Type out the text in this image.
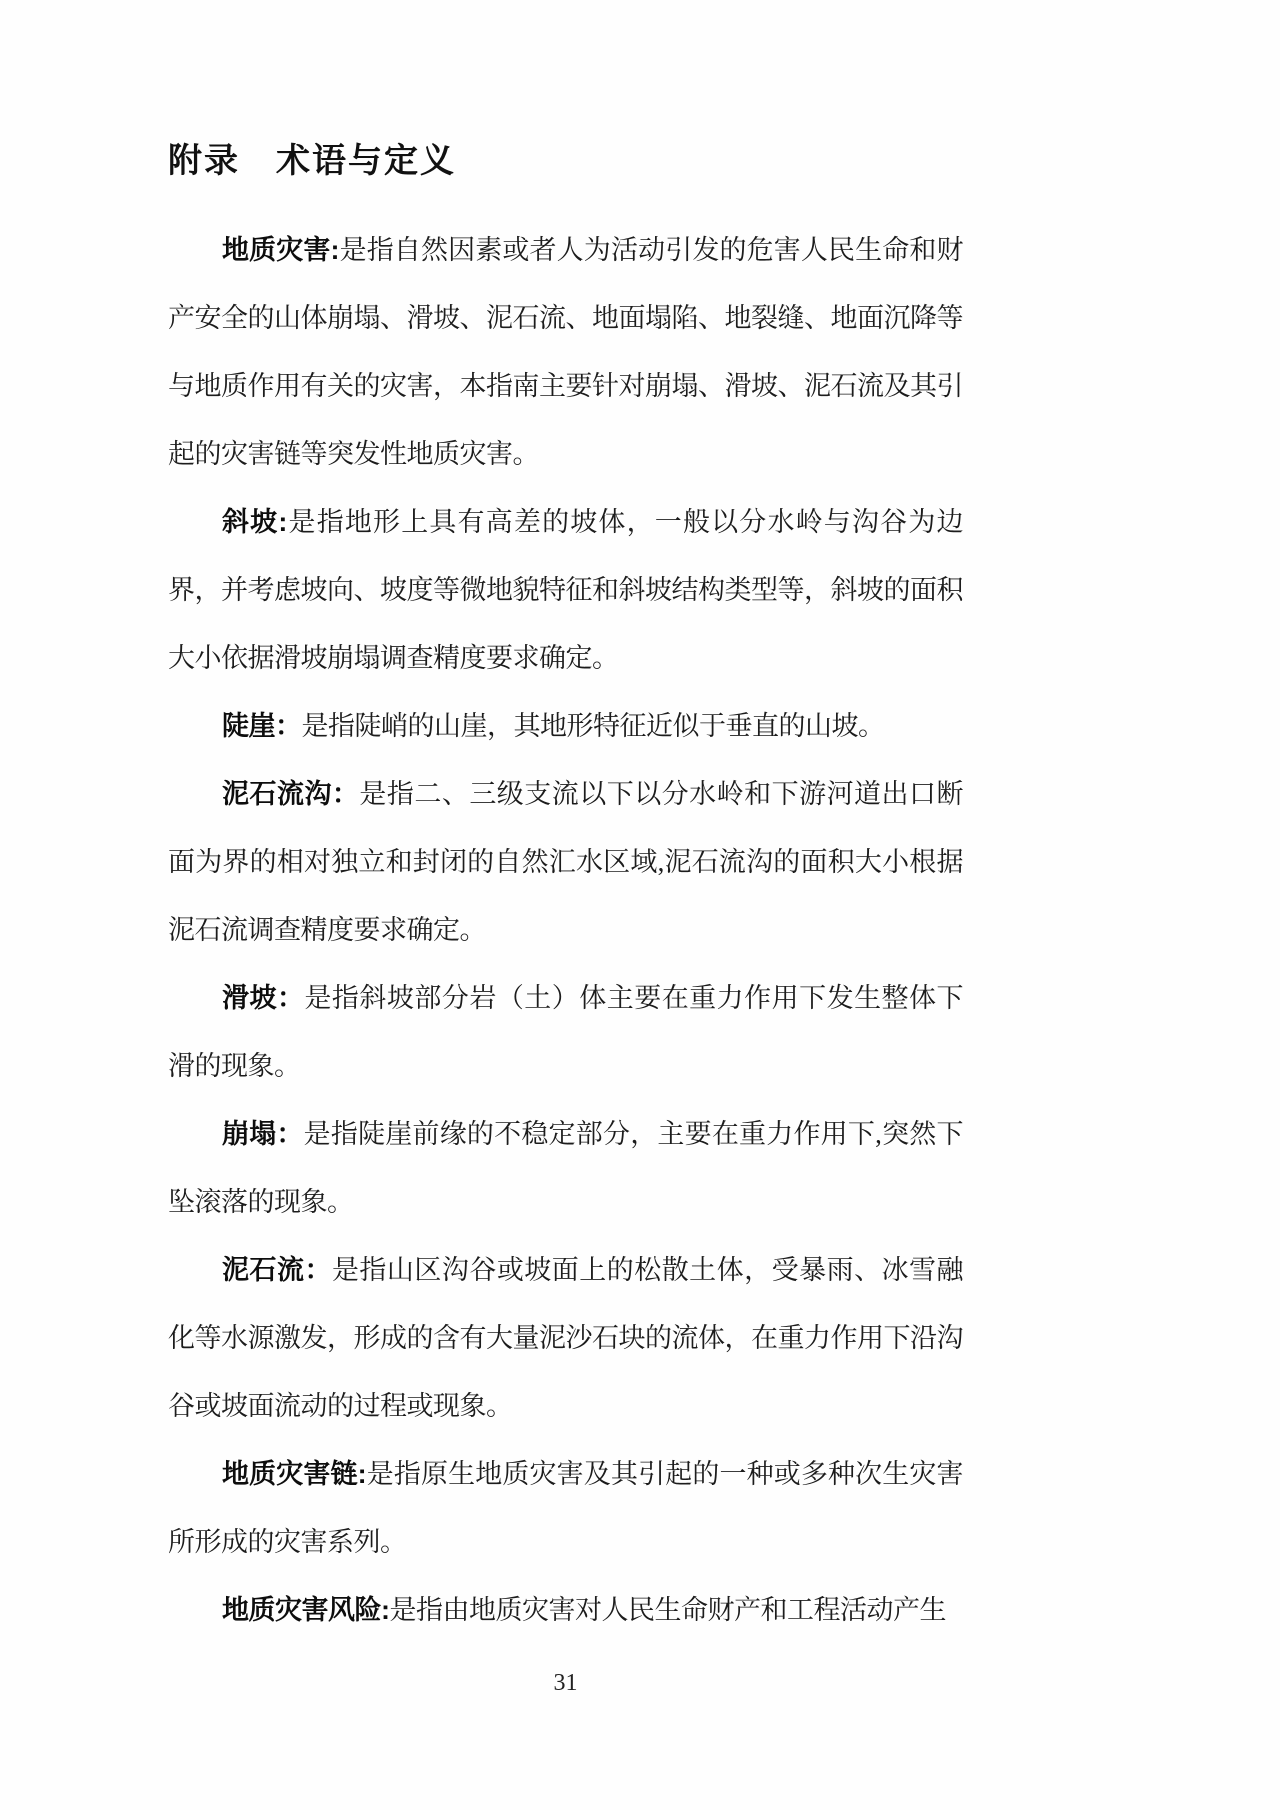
附录　术语与定义

地质灾害:是指自然因素或者人为活动引发的危害人民生命和财产安全的山体崩塌、滑坡、泥石流、地面塌陷、地裂缝、地面沉降等与地质作用有关的灾害，本指南主要针对崩塌、滑坡、泥石流及其引起的灾害链等突发性地质灾害。

斜坡:是指地形上具有高差的坡体，一般以分水岭与沟谷为边界，并考虑坡向、坡度等微地貌特征和斜坡结构类型等，斜坡的面积大小依据滑坡崩塌调查精度要求确定。

陡崖：是指陡峭的山崖，其地形特征近似于垂直的山坡。

泥石流沟：是指二、三级支流以下以分水岭和下游河道出口断面为界的相对独立和封闭的自然汇水区域,泥石流沟的面积大小根据泥石流调查精度要求确定。

滑坡：是指斜坡部分岩（土）体主要在重力作用下发生整体下滑的现象。

崩塌：是指陡崖前缘的不稳定部分，主要在重力作用下,突然下坠滚落的现象。

泥石流：是指山区沟谷或坡面上的松散土体，受暴雨、冰雪融化等水源激发，形成的含有大量泥沙石块的流体，在重力作用下沿沟谷或坡面流动的过程或现象。

地质灾害链:是指原生地质灾害及其引起的一种或多种次生灾害所形成的灾害系列。

地质灾害风险:是指由地质灾害对人民生命财产和工程活动产生

31
